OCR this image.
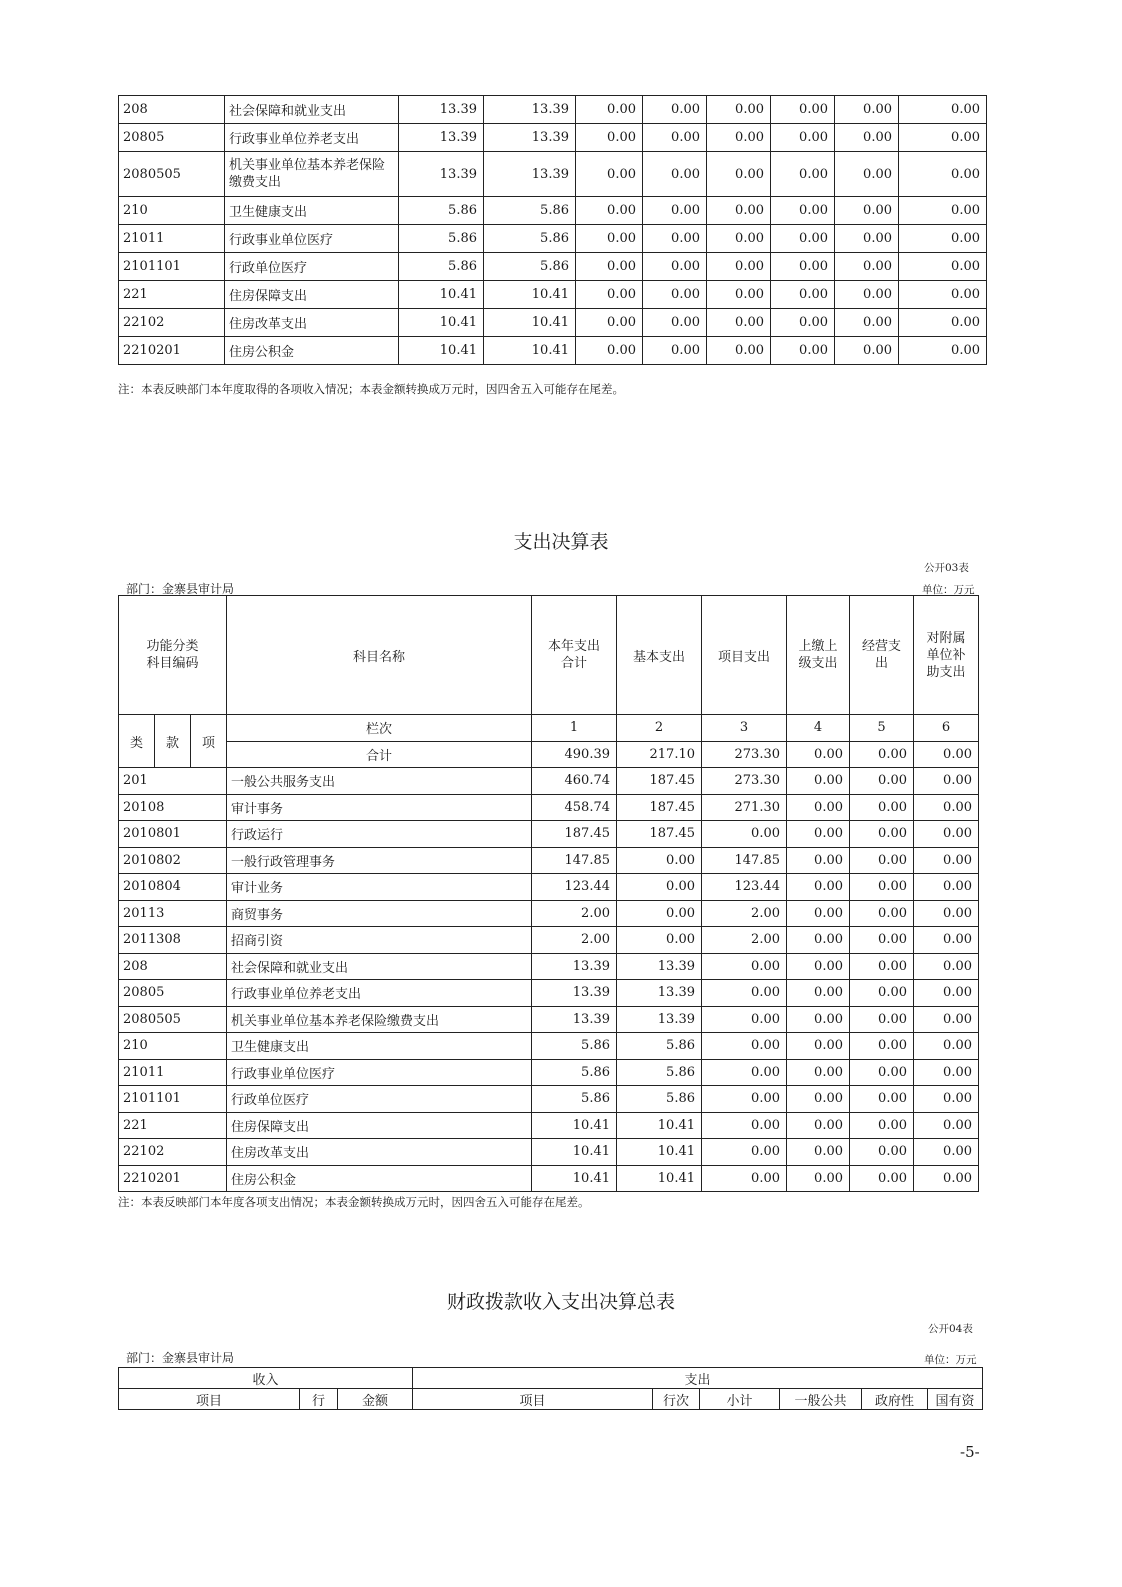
208	社会保障和就业支出	13.39	13.39	0.00	0.00	0.00	0.00	0.00	0.00
20805	行政事业单位养老支出	13.39	13.39	0.00	0.00	0.00	0.00	0.00	0.00
2080505	机关事业单位基本养老保险缴费支出	13.39	13.39	0.00	0.00	0.00	0.00	0.00	0.00
210	卫生健康支出	5.86	5.86	0.00	0.00	0.00	0.00	0.00	0.00
21011	行政事业单位医疗	5.86	5.86	0.00	0.00	0.00	0.00	0.00	0.00
2101101	行政单位医疗	5.86	5.86	0.00	0.00	0.00	0.00	0.00	0.00
221	住房保障支出	10.41	10.41	0.00	0.00	0.00	0.00	0.00	0.00
22102	住房改革支出	10.41	10.41	0.00	0.00	0.00	0.00	0.00	0.00
2210201	住房公积金	10.41	10.41	0.00	0.00	0.00	0.00	0.00	0.00
注：本表反映部门本年度取得的各项收入情况；本表金额转换成万元时，因四舍五入可能存在尾差。
支出决算表
公开03表
部门：金寨县审计局	单位：万元
功能分类科目编码			科目名称	本年支出合计	基本支出	项目支出	上缴上级支出	经营支出	对附属单位补助支出
类	款	项	栏次	1	2	3	4	5	6
			合计	490.39	217.10	273.30	0.00	0.00	0.00
201			一般公共服务支出	460.74	187.45	273.30	0.00	0.00	0.00
20108			审计事务	458.74	187.45	271.30	0.00	0.00	0.00
2010801			行政运行	187.45	187.45	0.00	0.00	0.00	0.00
2010802			一般行政管理事务	147.85	0.00	147.85	0.00	0.00	0.00
2010804			审计业务	123.44	0.00	123.44	0.00	0.00	0.00
20113			商贸事务	2.00	0.00	2.00	0.00	0.00	0.00
2011308			招商引资	2.00	0.00	2.00	0.00	0.00	0.00
208			社会保障和就业支出	13.39	13.39	0.00	0.00	0.00	0.00
20805			行政事业单位养老支出	13.39	13.39	0.00	0.00	0.00	0.00
2080505			机关事业单位基本养老保险缴费支出	13.39	13.39	0.00	0.00	0.00	0.00
210			卫生健康支出	5.86	5.86	0.00	0.00	0.00	0.00
21011			行政事业单位医疗	5.86	5.86	0.00	0.00	0.00	0.00
2101101			行政单位医疗	5.86	5.86	0.00	0.00	0.00	0.00
221			住房保障支出	10.41	10.41	0.00	0.00	0.00	0.00
22102			住房改革支出	10.41	10.41	0.00	0.00	0.00	0.00
2210201			住房公积金	10.41	10.41	0.00	0.00	0.00	0.00
注：本表反映部门本年度各项支出情况；本表金额转换成万元时，因四舍五入可能存在尾差。
财政拨款收入支出决算总表
公开04表
部门：金寨县审计局	单位：万元
收入			支出					
项目	行	金额	项目	行次	小计	一般公共	政府性	国有资
-5-
